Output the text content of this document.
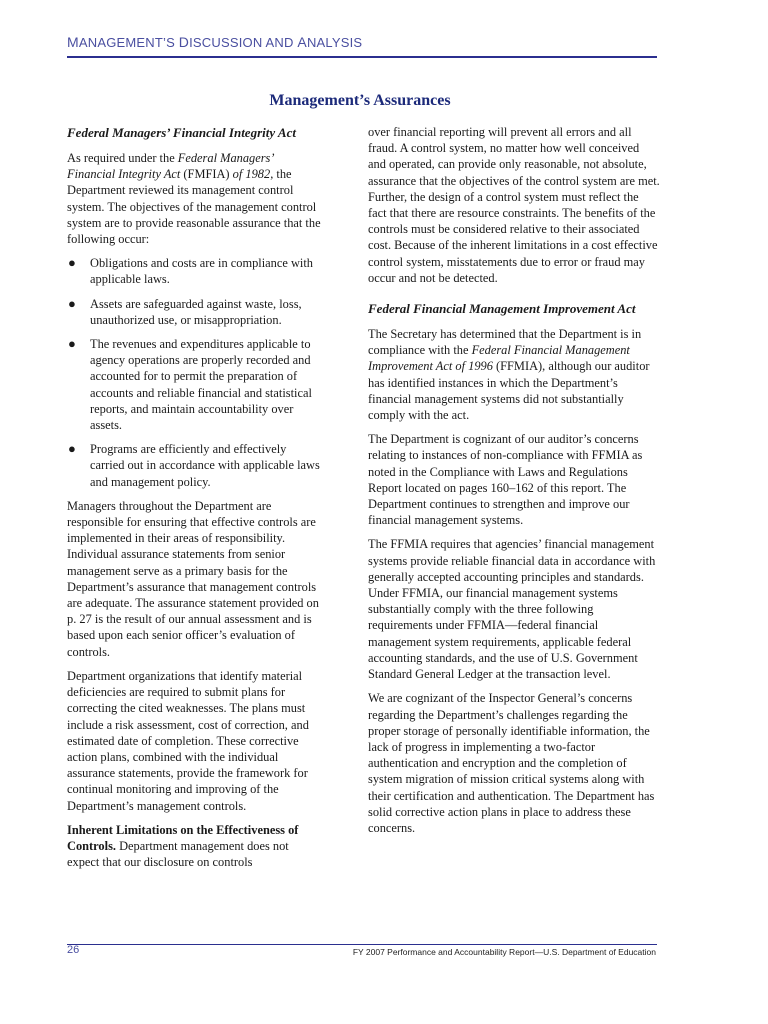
MANAGEMENT’S DISCUSSION AND ANALYSIS
Management’s Assurances
Federal Managers’ Financial Integrity Act

As required under the Federal Managers’ Financial Integrity Act (FMFIA) of 1982, the Department reviewed its management control system. The objectives of the management control system are to provide reasonable assurance that the following occur:

● Obligations and costs are in compliance with applicable laws.
● Assets are safeguarded against waste, loss, unauthorized use, or misappropriation.
● The revenues and expenditures applicable to agency operations are properly recorded and accounted for to permit the preparation of accounts and reliable financial and statistical reports, and maintain accountability over assets.
● Programs are efficiently and effectively carried out in accordance with applicable laws and management policy.

Managers throughout the Department are responsible for ensuring that effective controls are implemented in their areas of responsibility. Individual assurance statements from senior management serve as a primary basis for the Department’s assurance that management controls are adequate. The assurance statement provided on p. 27 is the result of our annual assessment and is based upon each senior officer’s evaluation of controls.

Department organizations that identify material deficiencies are required to submit plans for correcting the cited weaknesses. The plans must include a risk assessment, cost of correction, and estimated date of completion. These corrective action plans, combined with the individual assurance statements, provide the framework for continual monitoring and improving of the Department’s management controls.

Inherent Limitations on the Effectiveness of Controls. Department management does not expect that our disclosure on controls

over financial reporting will prevent all errors and all fraud. A control system, no matter how well conceived and operated, can provide only reasonable, not absolute, assurance that the objectives of the control system are met. Further, the design of a control system must reflect the fact that there are resource constraints. The benefits of the controls must be considered relative to their associated cost. Because of the inherent limitations in a cost effective control system, misstatements due to error or fraud may occur and not be detected.

Federal Financial Management Improvement Act

The Secretary has determined that the Department is in compliance with the Federal Financial Management Improvement Act of 1996 (FFMIA), although our auditor has identified instances in which the Department’s financial management systems did not substantially comply with the act.

The Department is cognizant of our auditor’s concerns relating to instances of non-compliance with FFMIA as noted in the Compliance with Laws and Regulations Report located on pages 160–162 of this report. The Department continues to strengthen and improve our financial management systems.

The FFMIA requires that agencies’ financial management systems provide reliable financial data in accordance with generally accepted accounting principles and standards. Under FFMIA, our financial management systems substantially comply with the three following requirements under FFMIA—federal financial management system requirements, applicable federal accounting standards, and the use of U.S. Government Standard General Ledger at the transaction level.

We are cognizant of the Inspector General’s concerns regarding the Department’s challenges regarding the proper storage of personally identifiable information, the lack of progress in implementing a two-factor authentication and encryption and the completion of system migration of mission critical systems along with their certification and authentication. The Department has solid corrective action plans in place to address these concerns.

26	FY 2007 Performance and Accountability Report—U.S. Department of Education
